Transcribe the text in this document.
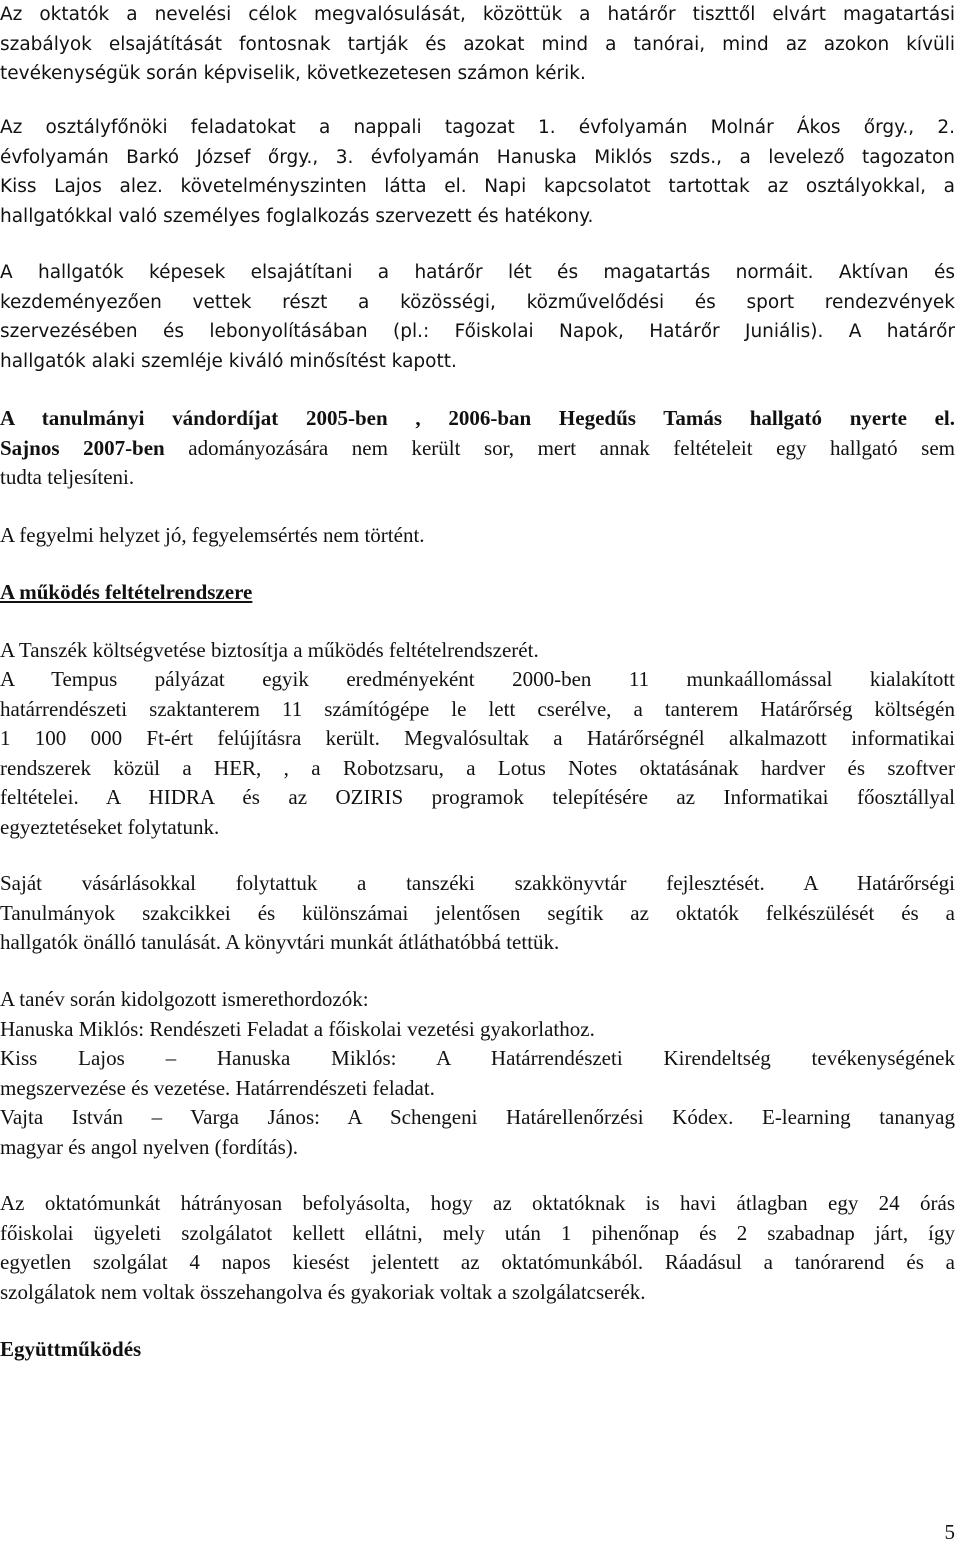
Az oktatók a nevelési célok megvalósulását, közöttük a határőr tiszttől elvárt magatartási
szabályok elsajátítását fontosnak tartják és azokat mind a tanórai, mind az azokon kívüli
tevékenységük során képviselik, következetesen számon kérik.
Az osztályfőnöki feladatokat a nappali tagozat 1. évfolyamán Molnár Ákos őrgy., 2.
évfolyamán Barkó József őrgy., 3. évfolyamán Hanuska Miklós szds., a levelező tagozaton
Kiss Lajos alez. követelményszinten látta el. Napi kapcsolatot tartottak az osztályokkal, a
hallgatókkal való személyes foglalkozás szervezett és hatékony.
A hallgatók képesek elsajátítani a határőr lét és magatartás normáit. Aktívan és
kezdeményezően vettek részt a közösségi, közművelődési és sport rendezvények
szervezésében és lebonyolításában (pl.: Főiskolai Napok, Határőr Juniális). A határőr
hallgatók alaki szemléje kiváló minősítést kapott.
A tanulmányi vándordíjat 2005-ben , 2006-ban Hegedűs Tamás hallgató nyerte el.
Sajnos 2007-ben adományozására nem került sor, mert annak feltételeit egy hallgató sem
tudta teljesíteni.
A fegyelmi helyzet jó, fegyelemsértés nem történt.
A működés feltételrendszere
A Tanszék költségvetése biztosítja a működés feltételrendszerét.
A Tempus pályázat egyik eredményeként 2000-ben 11 munkaállomással kialakított
határrendészeti szaktanterem 11 számítógépe le lett cserélve, a tanterem Határőrség költségén
1 100 000 Ft-ért felújításra került. Megvalósultak a Határőrségnél alkalmazott informatikai
rendszerek közül a HER, , a Robotzsaru, a Lotus Notes oktatásának hardver és szoftver
feltételei. A HIDRA és az OZIRIS programok telepítésére az Informatikai főosztállyal
egyeztetéseket folytatunk.
Saját vásárlásokkal folytattuk a tanszéki szakkönyvtár fejlesztését. A Határőrségi
Tanulmányok szakcikkei és különszámai jelentősen segítik az oktatók felkészülését és a
hallgatók önálló tanulását. A könyvtári munkát átláthatóbbá tettük.
A tanév során kidolgozott ismerethordozók:
Hanuska Miklós: Rendészeti Feladat a főiskolai vezetési gyakorlathoz.
Kiss Lajos – Hanuska Miklós: A Határrendészeti Kirendeltség tevékenységének
megszervezése és vezetése. Határrendészeti feladat.
Vajta István – Varga János: A Schengeni Határellenőrzési Kódex. E-learning tananyag
magyar és angol nyelven (fordítás).
Az oktatómunkát hátrányosan befolyásolta, hogy az oktatóknak is havi átlagban egy 24 órás
főiskolai ügyeleti szolgálatot kellett ellátni, mely után 1 pihenőnap és 2 szabadnap járt, így
egyetlen szolgálat 4 napos kiesést jelentett az oktatómunkából. Ráadásul a tanórarend és a
szolgálatok nem voltak összehangolva és gyakoriak voltak a szolgálatcserék.
Együttműködés
5
